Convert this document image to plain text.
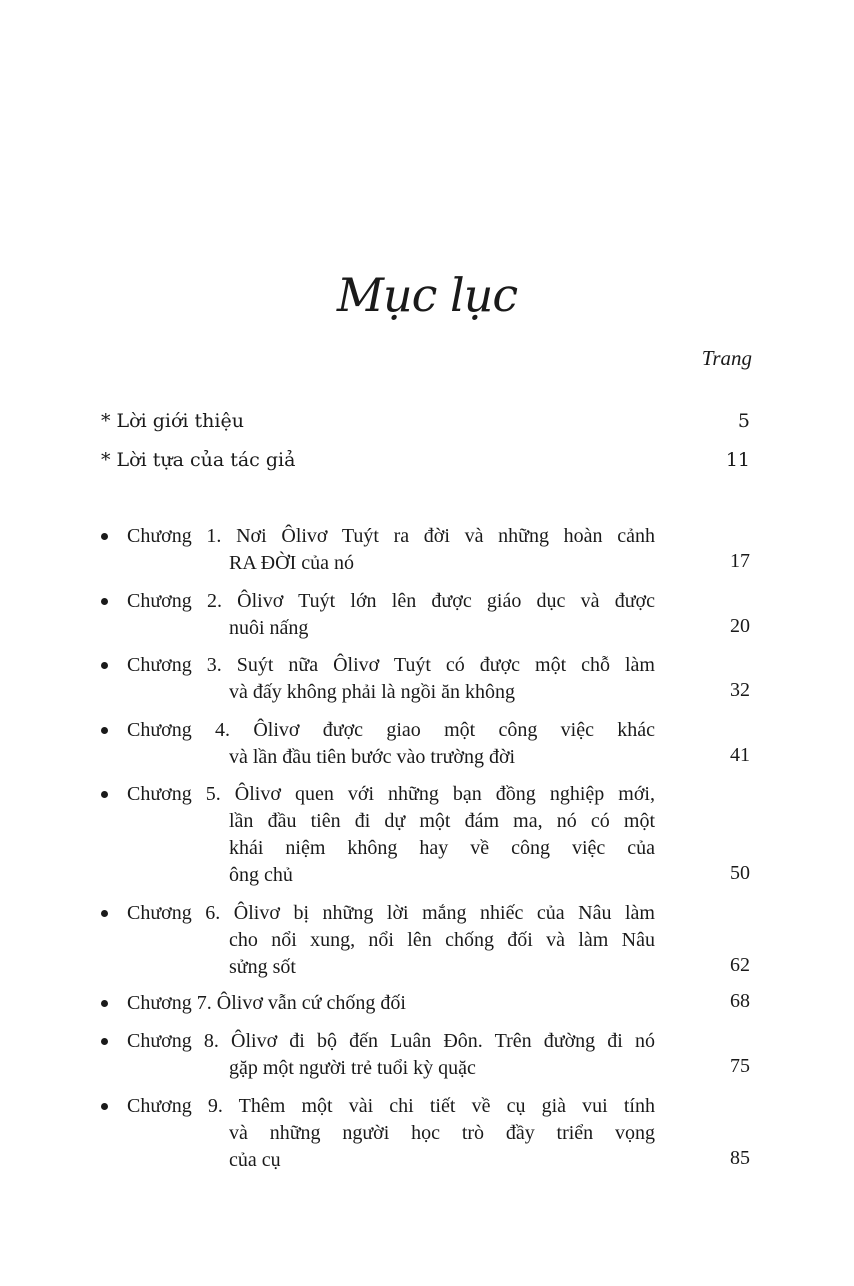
Mục lục
Trang
* Lời giới thiệu	5
* Lời tựa của tác giả	11
Chương 1. Nơi Ôlivơ Tuýt ra đời và những hoàn cảnh
RA ĐỜI của nó	17
Chương 2. Ôlivơ Tuýt lớn lên được giáo dục và được
nuôi nấng	20
Chương 3. Suýt nữa Ôlivơ Tuýt có được một chỗ làm
và đấy không phải là ngồi ăn không	32
Chương 4. Ôlivơ được giao một công việc khác
và lần đầu tiên bước vào trường đời	41
Chương 5. Ôlivơ quen với những bạn đồng nghiệp mới,
lần đầu tiên đi dự một đám ma, nó có một
khái niệm không hay về công việc của
ông chủ	50
Chương 6. Ôlivơ bị những lời mắng nhiếc của Nâu làm
cho nổi xung, nổi lên chống đối và làm Nâu
sửng sốt	62
Chương 7. Ôlivơ vẫn cứ chống đối	68
Chương 8. Ôlivơ đi bộ đến Luân Đôn. Trên đường đi nó
gặp một người trẻ tuổi kỳ quặc	75
Chương 9. Thêm một vài chi tiết về cụ già vui tính
và những người học trò đầy triển vọng
của cụ	85
